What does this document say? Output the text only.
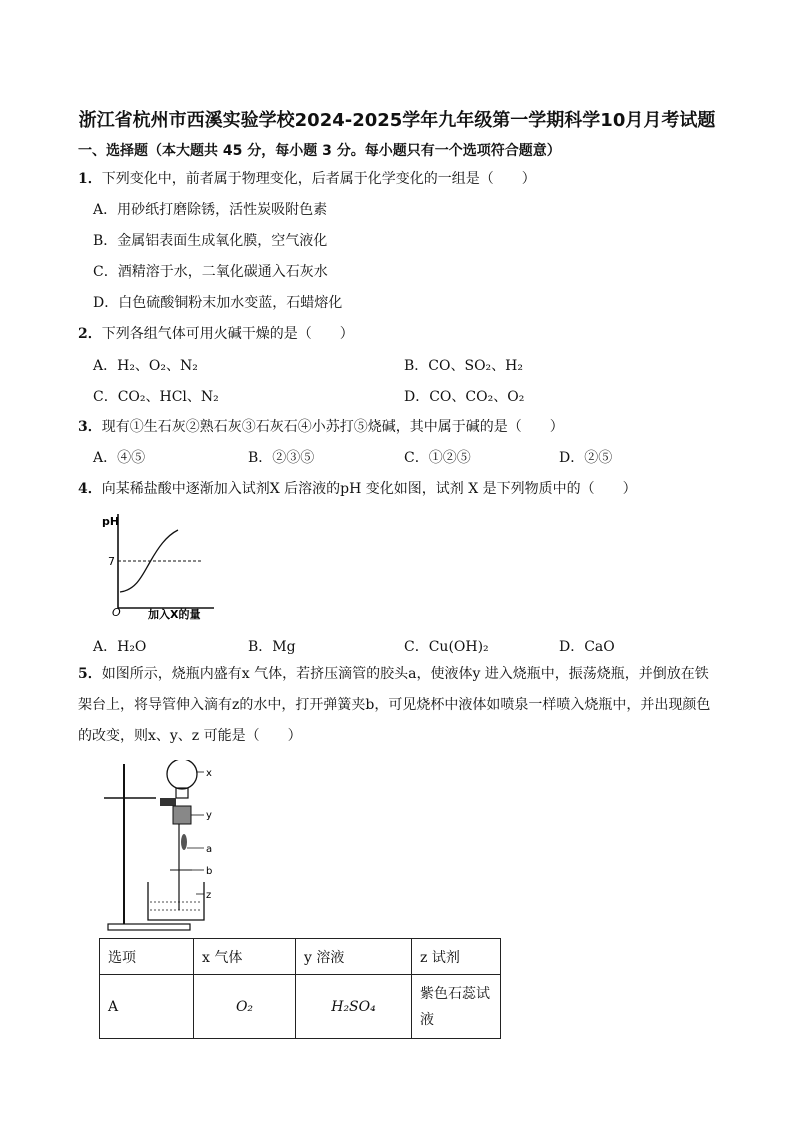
浙江省杭州市西溪实验学校2024-2025学年九年级第一学期科学10月月考试题
一、选择题（本大题共 45 分，每小题 3 分。每小题只有一个选项符合题意）
1．下列变化中，前者属于物理变化，后者属于化学变化的一组是（　　）
A．用砂纸打磨除锈，活性炭吸附色素
B．金属铝表面生成氧化膜，空气液化
C．酒精溶于水，二氧化碳通入石灰水
D．白色硫酸铜粉末加水变蓝，石蜡熔化
2．下列各组气体可用火碱干燥的是（　　）
A．H₂、O₂、N₂	B．CO、SO₂、H₂
C．CO₂、HCl、N₂	D．CO、CO₂、O₂
3．现有①生石灰②熟石灰③石灰石④小苏打⑤烧碱，其中属于碱的是（　　）
A．④⑤	B．②③⑤	C．①②⑤	D．②⑤
4．向某稀盐酸中逐渐加入试剂X 后溶液的pH 变化如图，试剂 X 是下列物质中的（　　）
pH
7
O 加入X的量
A．H₂O	B．Mg	C．Cu(OH)₂	D．CaO
5．如图所示，烧瓶内盛有x 气体，若挤压滴管的胶头a，使液体y 进入烧瓶中，振荡烧瓶，并倒放在铁架台上，将导管伸入滴有z的水中，打开弹簧夹b，可见烧杯中液体如喷泉一样喷入烧瓶中，并出现颜色的改变，则x、y、z 可能是（　　）
x
y
a
b
z
选项	x 气体	y 溶液	z 试剂
A	O₂	H₂SO₄	紫色石蕊试液
